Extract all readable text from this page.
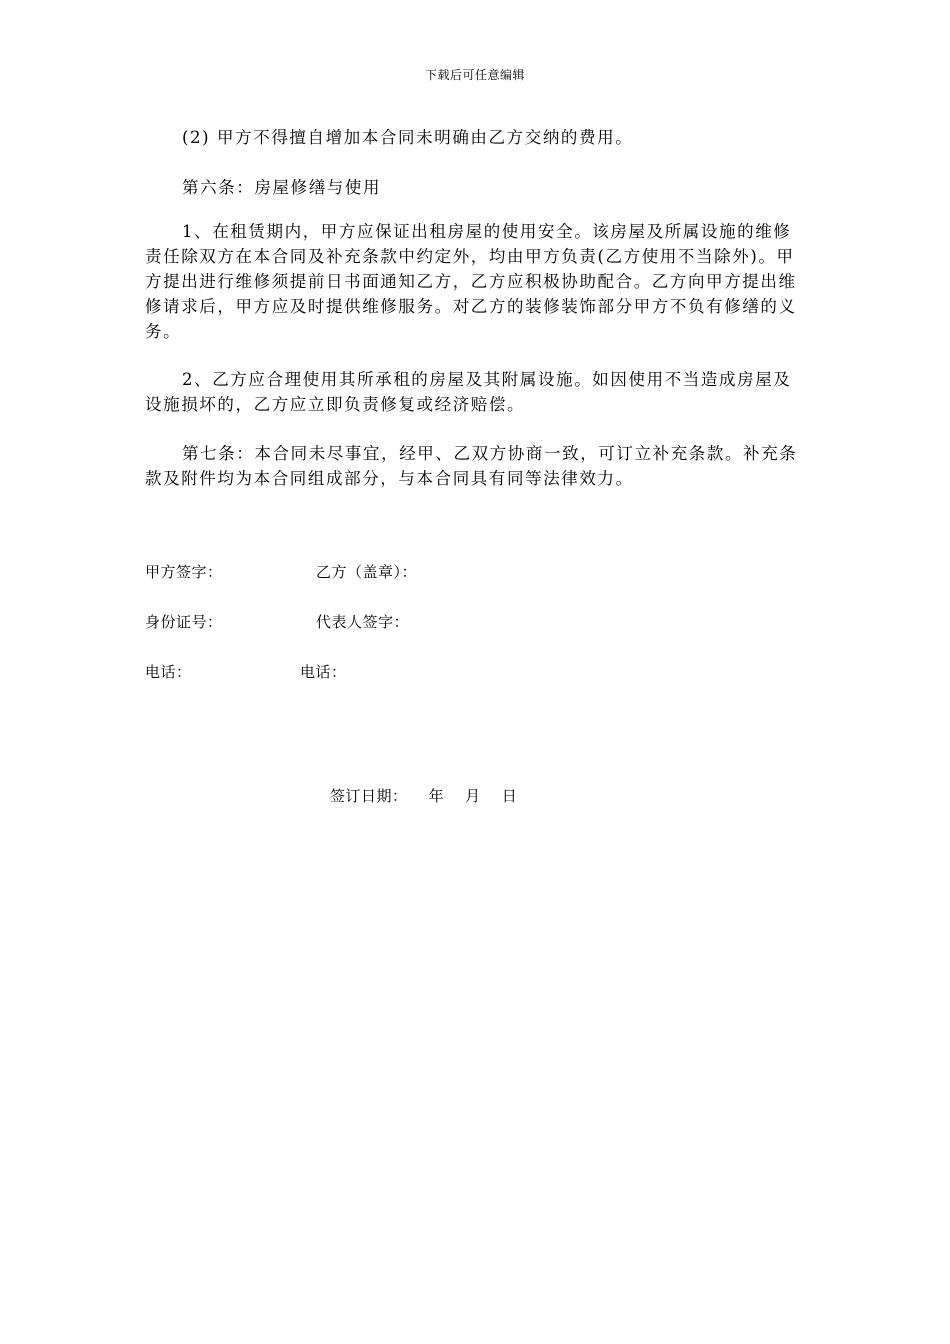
下载后可任意编辑
(2) 甲方不得擅自增加本合同未明确由乙方交纳的费用。
第六条：房屋修缮与使用
1、在租赁期内，甲方应保证出租房屋的使用安全。该房屋及所属设施的维修责任除双方在本合同及补充条款中约定外，均由甲方负责(乙方使用不当除外)。甲方提出进行维修须提前日书面通知乙方，乙方应积极协助配合。乙方向甲方提出维修请求后，甲方应及时提供维修服务。对乙方的装修装饰部分甲方不负有修缮的义务。
2、乙方应合理使用其所承租的房屋及其附属设施。如因使用不当造成房屋及设施损坏的，乙方应立即负责修复或经济赔偿。
第七条：本合同未尽事宜，经甲、乙双方协商一致，可订立补充条款。补充条款及附件均为本合同组成部分，与本合同具有同等法律效力。
甲方签字：	乙方（盖章）：
身份证号：	代表人签字：
电话：	电话：
签订日期：    年    月    日
